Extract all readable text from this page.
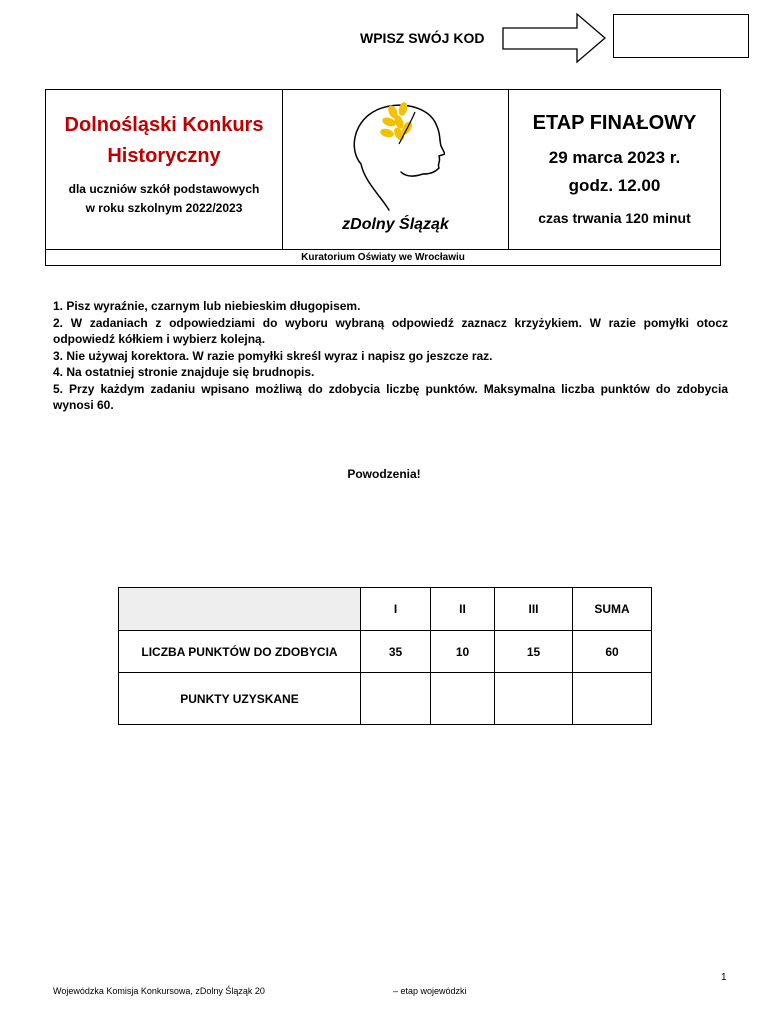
WPISZ SWÓJ KOD
Dolnośląski Konkurs
Historyczny
dla uczniów szkół podstawowych
w roku szkolnym 2022/2023
zDolny Śląząk
ETAP FINAŁOWY
29 marca 2023 r.
godz. 12.00
czas trwania 120 minut
Kuratorium Oświaty we Wrocławiu

1. Pisz wyraźnie, czarnym lub niebieskim długopisem.

2. W zadaniach z odpowiedziami do wyboru wybraną odpowiedź zaznacz krzyżykiem. W razie pomyłki otocz odpowiedź kółkiem i wybierz kolejną.

3. Nie używaj korektora. W razie pomyłki skreśl wyraz i napisz go jeszcze raz.

4. Na ostatniej stronie znajduje się brudnopis.

5. Przy każdym zadaniu wpisano możliwą do zdobycia liczbę punktów. Maksymalna liczba punktów do zdobycia wynosi 60.

Powodzenia!
	I	II	III	SUMA
LICZBA PUNKTÓW DO ZDOBYCIA	35	10	15	60
PUNKTY UZYSKANE				
1
Wojewódzka Komisja Konkursowa, zDolny Śląząk 20	– etap wojewódzki
